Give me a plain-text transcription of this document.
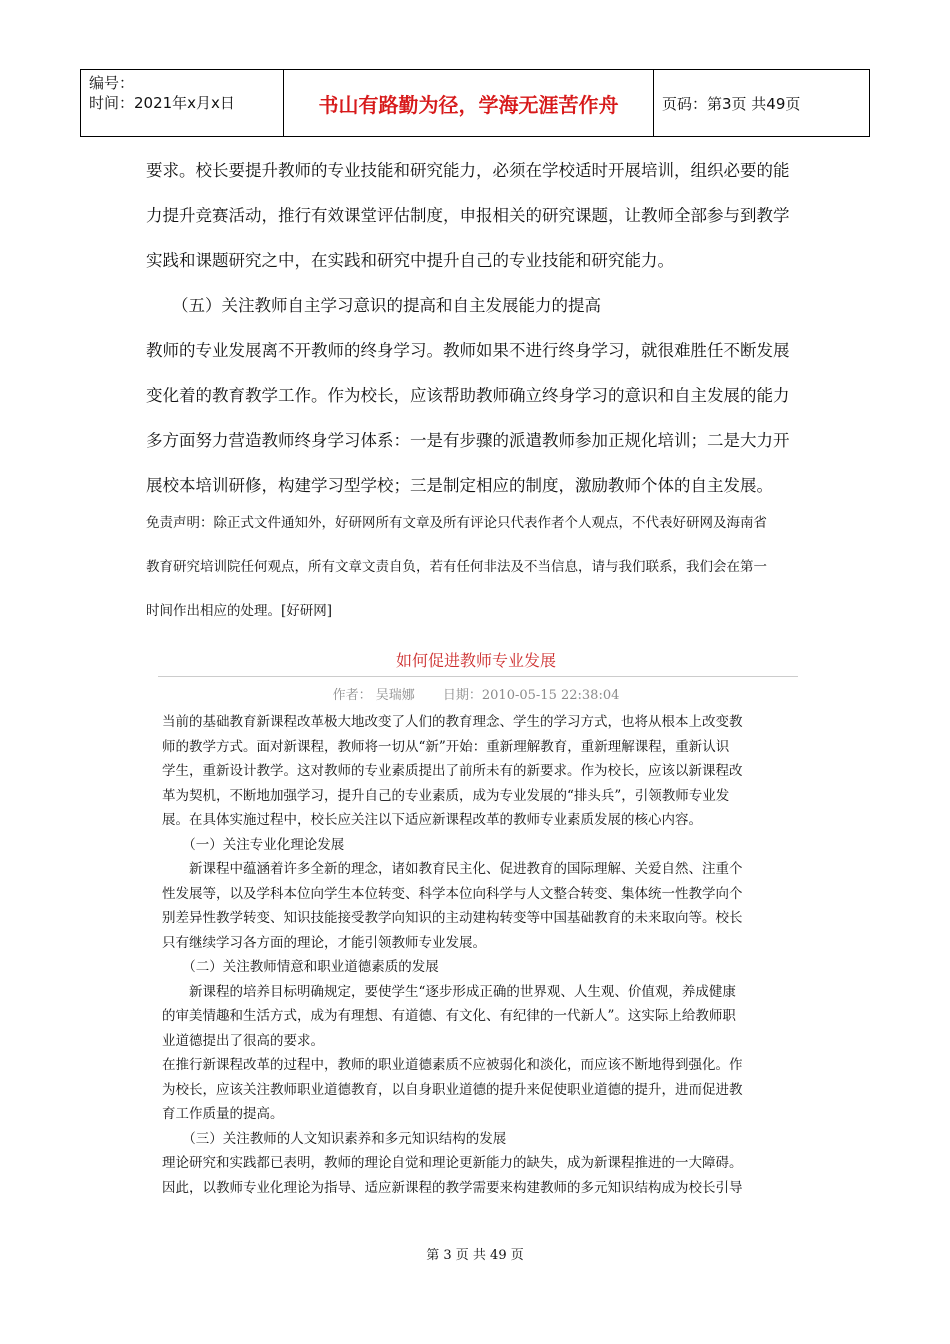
编号：
时间：2021年x月x日	书山有路勤为径，学海无涯苦作舟	页码：第3页 共49页

要求。校长要提升教师的专业技能和研究能力，必须在学校适时开展培训，组织必要的能

力提升竞赛活动，推行有效课堂评估制度，申报相关的研究课题，让教师全部参与到教学

实践和课题研究之中，在实践和研究中提升自己的专业技能和研究能力。

（五）关注教师自主学习意识的提高和自主发展能力的提高

教师的专业发展离不开教师的终身学习。教师如果不进行终身学习，就很难胜任不断发展

变化着的教育教学工作。作为校长，应该帮助教师确立终身学习的意识和自主发展的能力

多方面努力营造教师终身学习体系：一是有步骤的派遣教师参加正规化培训；二是大力开

展校本培训研修，构建学习型学校；三是制定相应的制度，激励教师个体的自主发展。

免责声明：除正式文件通知外，好研网所有文章及所有评论只代表作者个人观点，不代表好研网及海南省

教育研究培训院任何观点，所有文章文责自负，若有任何非法及不当信息，请与我们联系，我们会在第一

时间作出相应的处理。[好研网]

如何促进教师专业发展
作者： 吴瑞娜 日期：2010-05-15 22:38:04

当前的基础教育新课程改革极大地改变了人们的教育理念、学生的学习方式，也将从根本上改变教

师的教学方式。面对新课程，教师将一切从“新”开始：重新理解教育，重新理解课程，重新认识

学生，重新设计教学。这对教师的专业素质提出了前所未有的新要求。作为校长，应该以新课程改

革为契机，不断地加强学习，提升自己的专业素质，成为专业发展的“排头兵”，引领教师专业发

展。在具体实施过程中，校长应关注以下适应新课程改革的教师专业素质发展的核心内容。

　　（一）关注专业化理论发展

　　新课程中蕴涵着许多全新的理念，诸如教育民主化、促进教育的国际理解、关爱自然、注重个

性发展等，以及学科本位向学生本位转变、科学本位向科学与人文整合转变、集体统一性教学向个

别差异性教学转变、知识技能接受教学向知识的主动建构转变等中国基础教育的未来取向等。校长

只有继续学习各方面的理论，才能引领教师专业发展。

　　（二）关注教师情意和职业道德素质的发展

　　新课程的培养目标明确规定，要使学生“逐步形成正确的世界观、人生观、价值观，养成健康

的审美情趣和生活方式，成为有理想、有道德、有文化、有纪律的一代新人”。这实际上给教师职

业道德提出了很高的要求。

在推行新课程改革的过程中，教师的职业道德素质不应被弱化和淡化，而应该不断地得到强化。作

为校长，应该关注教师职业道德教育，以自身职业道德的提升来促使职业道德的提升，进而促进教

育工作质量的提高。

　　（三）关注教师的人文知识素养和多元知识结构的发展

理论研究和实践都已表明，教师的理论自觉和理论更新能力的缺失，成为新课程推进的一大障碍。

因此，以教师专业化理论为指导、适应新课程的教学需要来构建教师的多元知识结构成为校长引导

第 3 页 共 49 页
